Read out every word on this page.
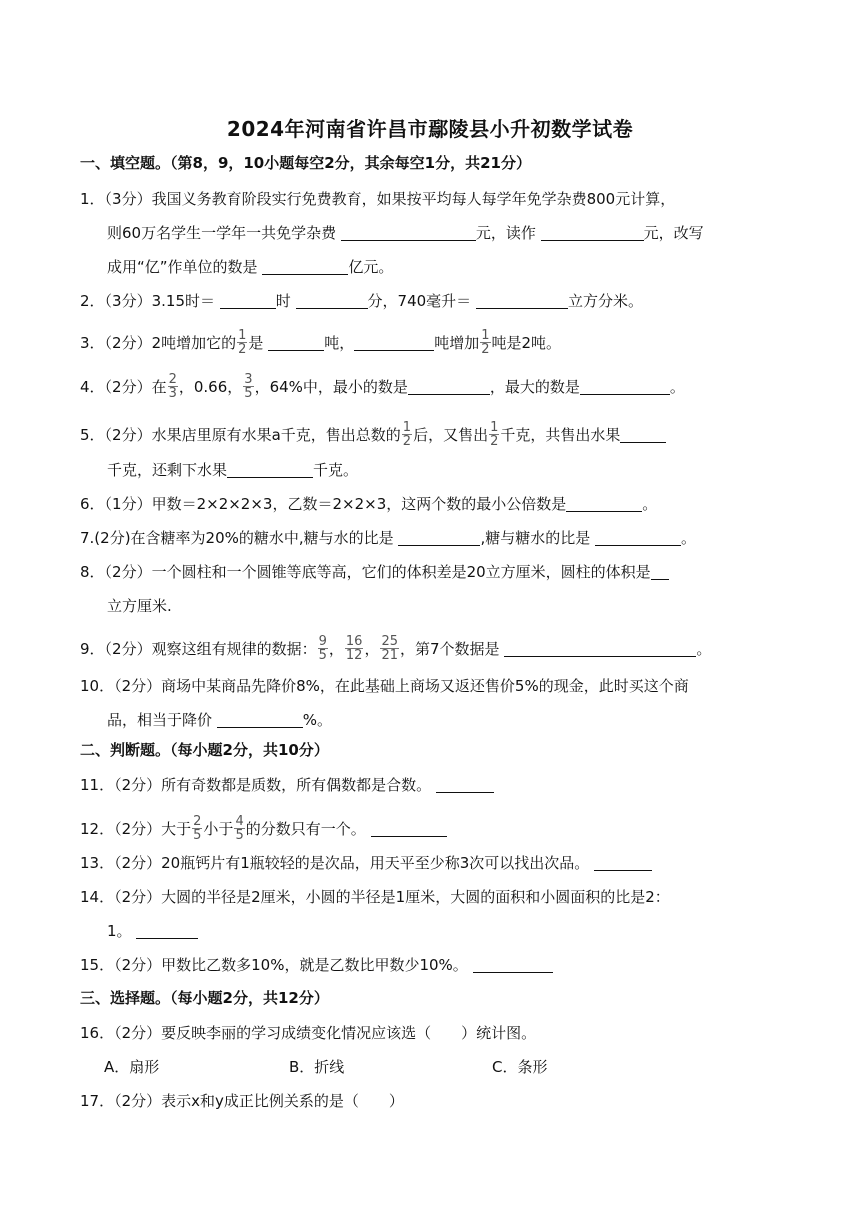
2024年河南省许昌市鄢陵县小升初数学试卷
一、填空题。（第8，9，10小题每空2分，其余每空1分，共21分）
1．（3分）我国义务教育阶段实行免费教育，如果按平均每人每学年免学杂费800元计算，
则60万名学生一学年一共免学杂费	元，读作	元，改写
成用“亿”作单位的数是	亿元。
2．（3分）3.15时＝	时	分，740毫升＝	立方分米。
3．（2分）2吨增加它的 $\frac{1}{2}$ 是	吨，	吨增加 $\frac{1}{2}$ 吨是2吨。
4．（2分）在 $\frac{2}{3}$ ，0.66， $\frac{3}{5}$ ，64%中，最小的数是	，最大的数是	。
5．（2分）水果店里原有水果a千克，售出总数的 $\frac{1}{2}$ 后，又售出 $\frac{1}{2}$ 千克，共售出水果
千克，还剩下水果	千克。
6．（1分）甲数＝2×2×2×3，乙数＝2×2×3，这两个数的最小公倍数是	。
7.(2分)在含糖率为20%的糖水中,糖与水的比是	,糖与糖水的比是	。
8．（2分）一个圆柱和一个圆锥等底等高，它们的体积差是20立方厘米，圆柱的体积是
立方厘米.
9．（2分）观察这组有规律的数据： $\frac{9}{5}$ ， $\frac{16}{12}$ ， $\frac{25}{21}$ ，第7个数据是	。
10．（2分）商场中某商品先降价8%，在此基础上商场又返还售价5%的现金，此时买这个商
品，相当于降价	%。
二、判断题。（每小题2分，共10分）
11．（2分）所有奇数都是质数，所有偶数都是合数。
12．（2分）大于 $\frac{2}{5}$ 小于 $\frac{4}{5}$ 的分数只有一个。
13．（2分）20瓶钙片有1瓶较轻的是次品，用天平至少称3次可以找出次品。
14．（2分）大圆的半径是2厘米，小圆的半径是1厘米，大圆的面积和小圆面积的比是2：
1。
15．（2分）甲数比乙数多10%，就是乙数比甲数少10%。
三、选择题。（每小题2分，共12分）
16．（2分）要反映李丽的学习成绩变化情况应该选（　　）统计图。
A．扇形	B．折线	C．条形
17．（2分）表示x和y成正比例关系的是（　　）
